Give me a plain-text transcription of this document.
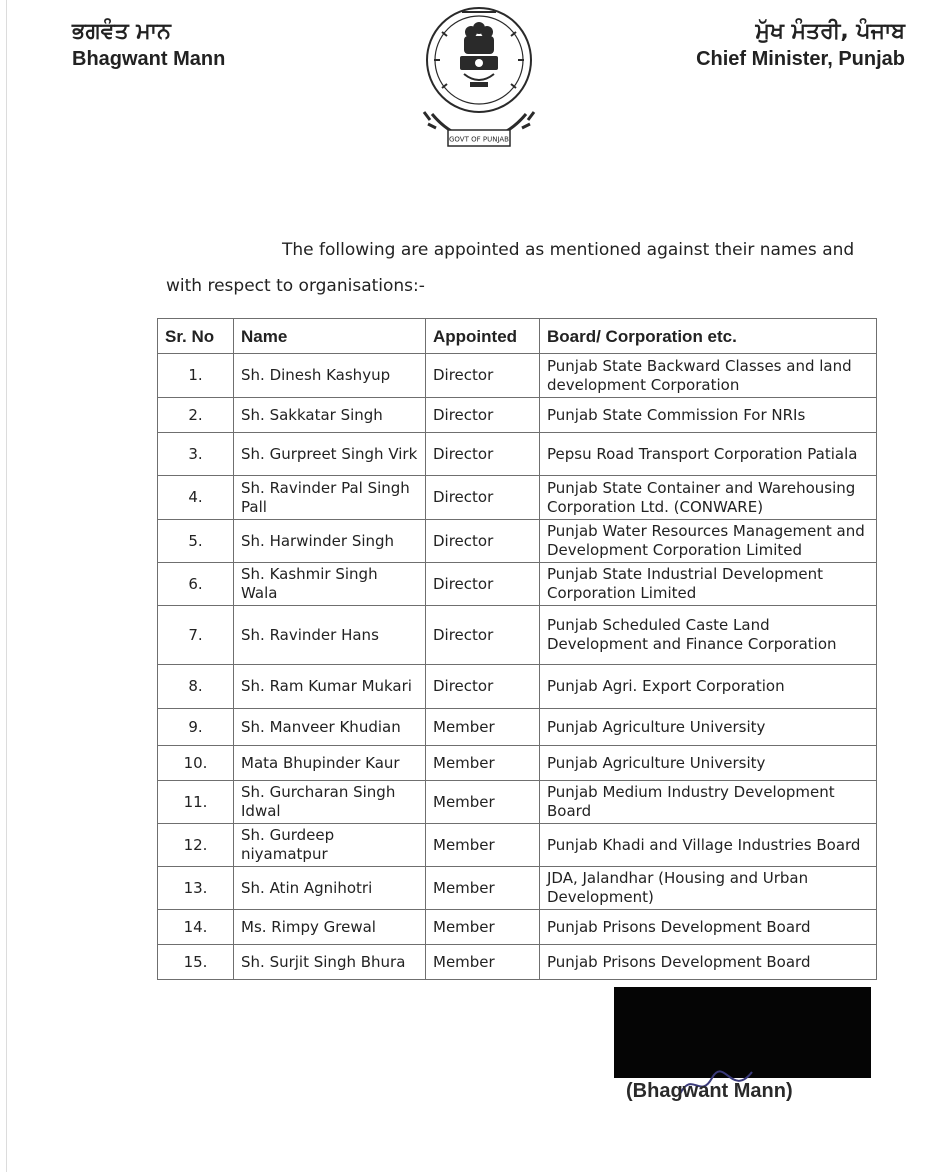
ਭਗਵੰਤ ਮਾਨ
Bhagwant Mann
GOVT OF PUNJAB
ਮੁੱਖ ਮੰਤਰੀ, ਪੰਜਾਬ
Chief Minister, Punjab
The following are appointed as mentioned against their names and
with respect to organisations:-
Sr. No	Name	Appointed	Board/ Corporation etc.
1.	Sh. Dinesh Kashyup	Director	Punjab State Backward Classes and land development Corporation
2.	Sh. Sakkatar Singh	Director	Punjab State Commission For NRIs
3.	Sh. Gurpreet Singh Virk	Director	Pepsu Road Transport Corporation Patiala
4.	Sh. Ravinder Pal Singh Pall	Director	Punjab State Container and Warehousing Corporation Ltd. (CONWARE)
5.	Sh. Harwinder Singh	Director	Punjab Water Resources Management and Development Corporation Limited
6.	Sh. Kashmir Singh Wala	Director	Punjab State Industrial Development Corporation Limited
7.	Sh. Ravinder Hans	Director	Punjab Scheduled Caste Land Development and Finance Corporation
8.	Sh. Ram Kumar Mukari	Director	Punjab Agri. Export Corporation
9.	Sh. Manveer Khudian	Member	Punjab Agriculture University
10.	Mata Bhupinder Kaur	Member	Punjab Agriculture University
11.	Sh. Gurcharan Singh Idwal	Member	Punjab Medium Industry Development Board
12.	Sh. Gurdeep niyamatpur	Member	Punjab Khadi and Village Industries Board
13.	Sh. Atin Agnihotri	Member	JDA, Jalandhar (Housing and Urban Development)
14.	Ms. Rimpy Grewal	Member	Punjab Prisons Development Board
15.	Sh. Surjit Singh Bhura	Member	Punjab Prisons Development Board
(Bhagwant Mann)
